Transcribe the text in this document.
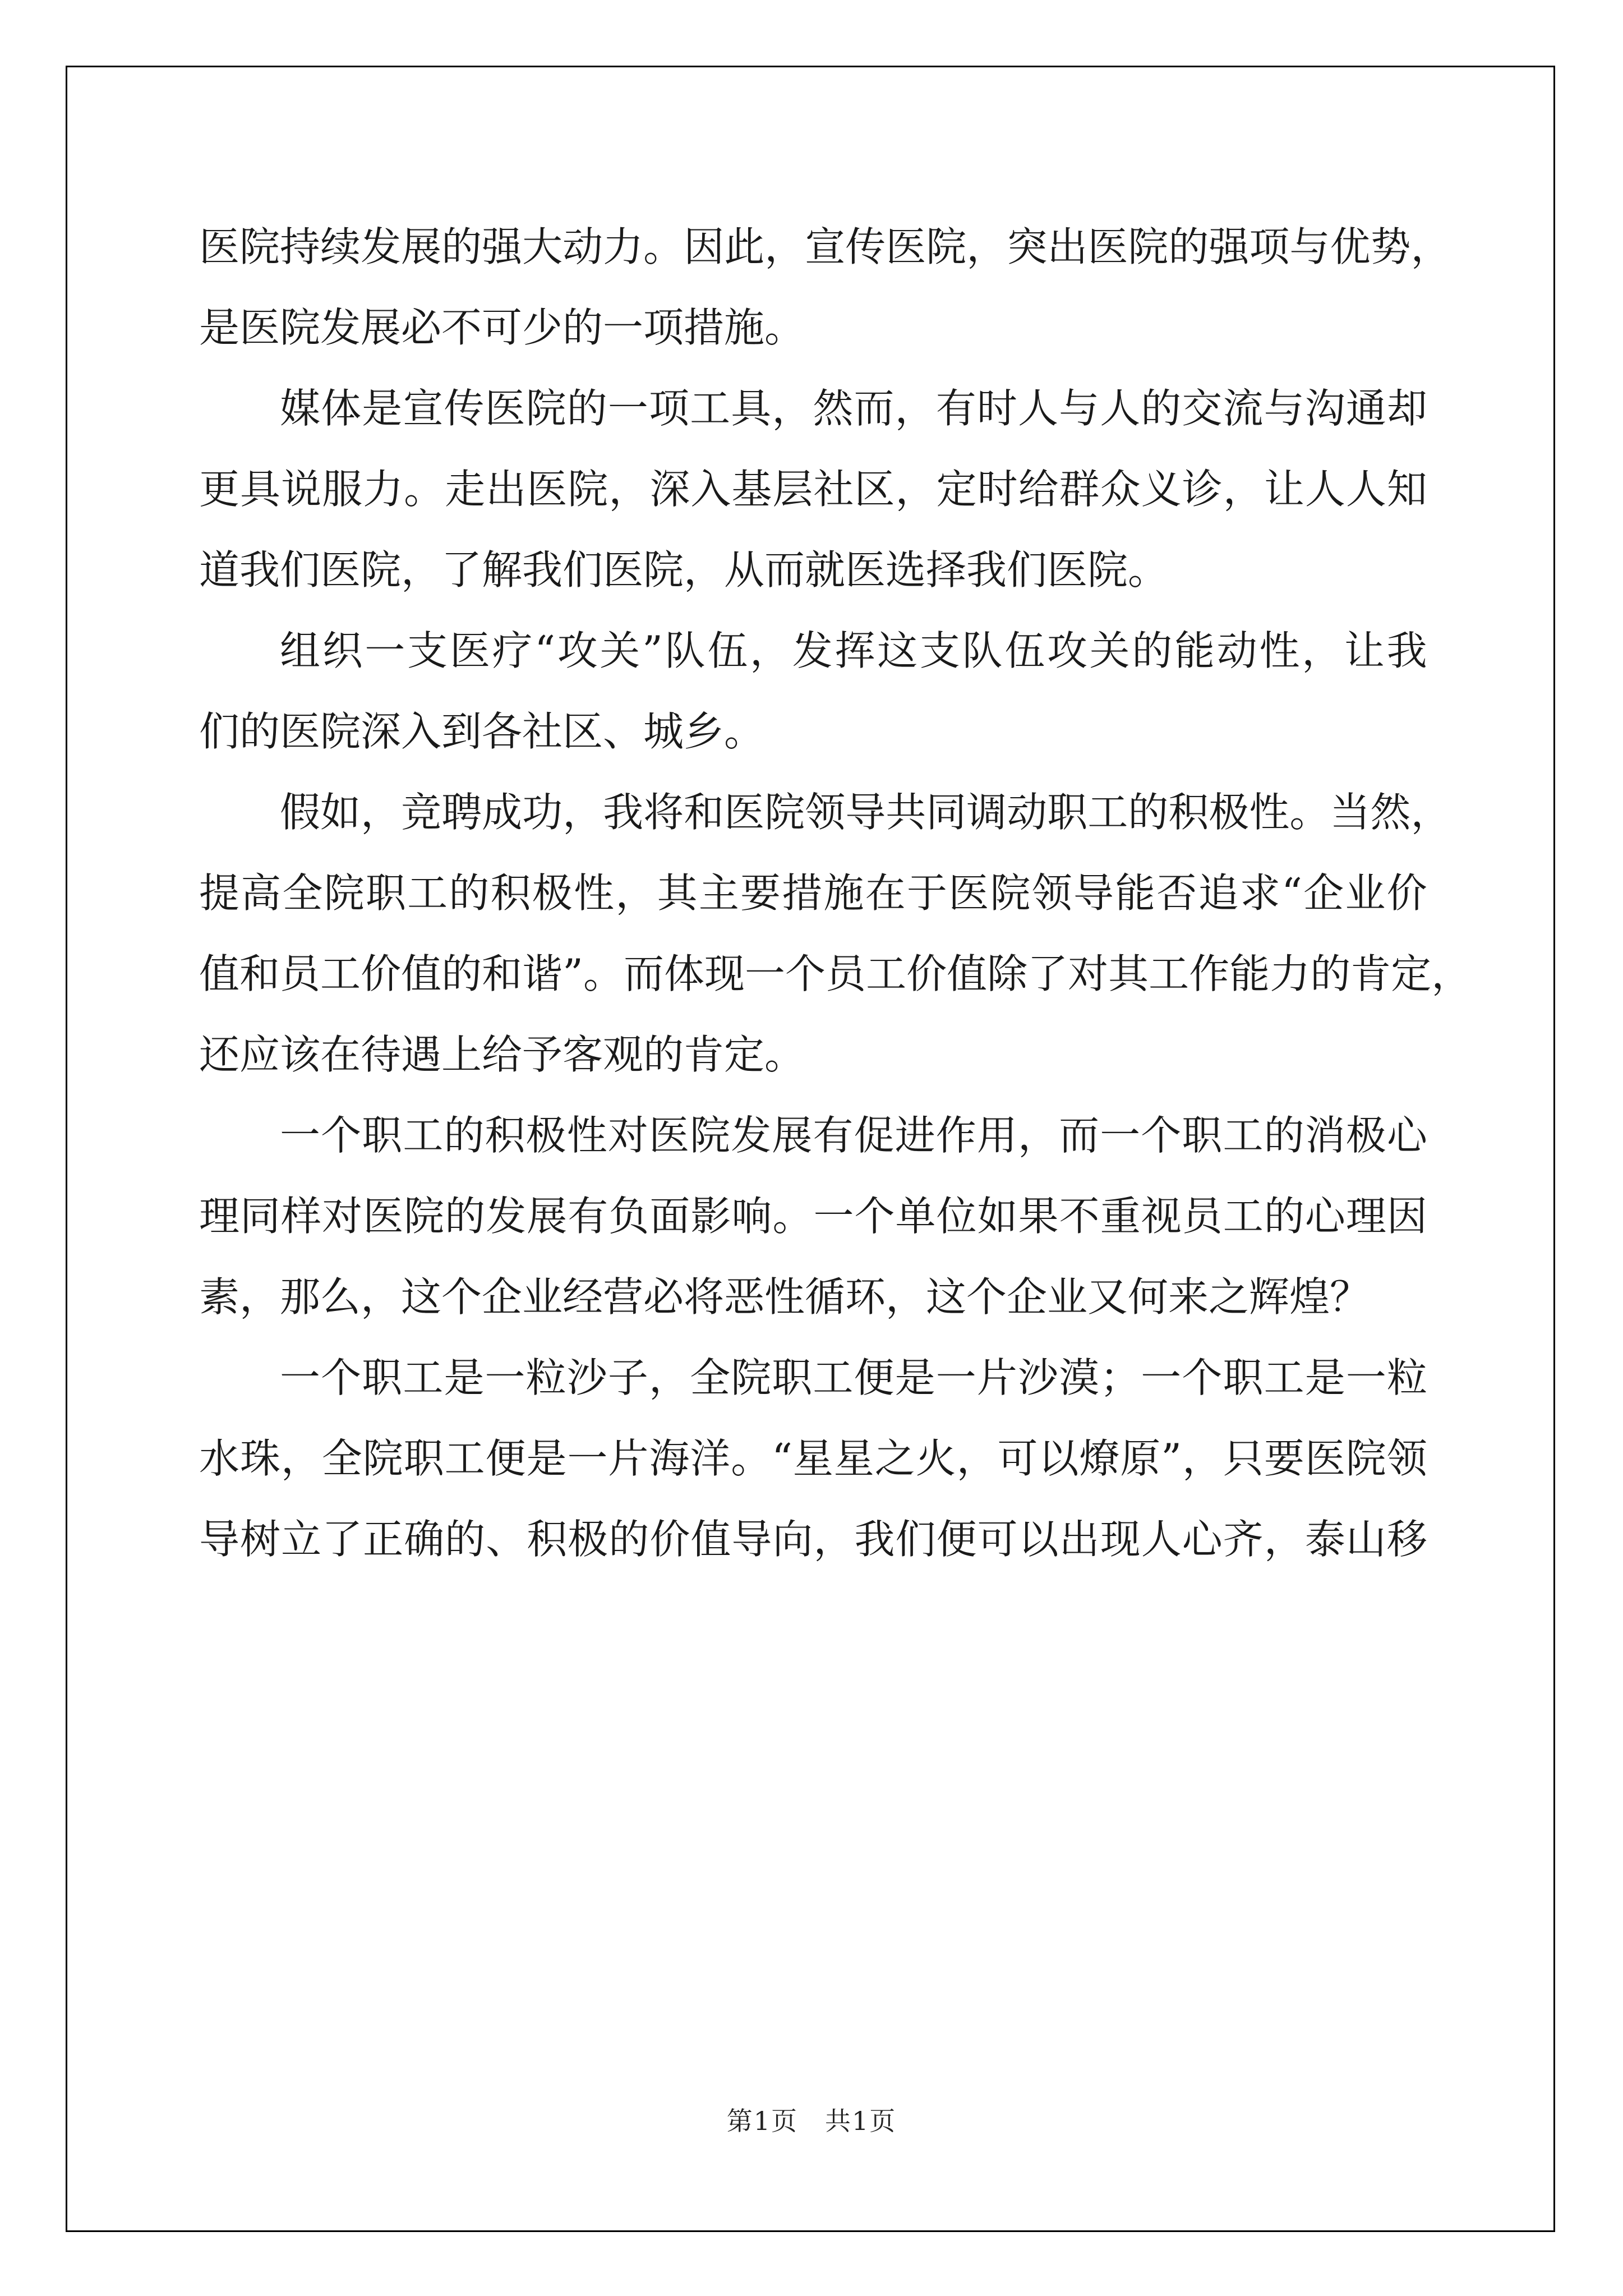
医 院 持 续 发 展 的 强 大 动 力 。 因 此 ， 宣 传 医 院 ， 突 出 医 院 的 强 项 与 优 势 ，
是医院发展必不可少的一项措施。
媒 体 是 宣 传 医 院 的 一 项 工 具 ， 然 而 ， 有 时 人 与 人 的 交 流 与 沟 通 却
更 具 说 服 力 。 走 出 医 院 ， 深 入 基 层 社 区 ， 定 时 给 群 众 义 诊 ， 让 人 人 知
道我们医院，了解我们医院，从而就医选择我们医院。
组 织 一 支 医 疗 “ 攻 关 ” 队 伍 ， 发 挥 这 支 队 伍 攻 关 的 能 动 性 ， 让 我
们的医院深入到各社区、城乡。
假 如 ， 竞 聘 成 功 ， 我 将 和 医 院 领 导 共 同 调 动 职 工 的 积 极 性 。 当 然 ，
提 高 全 院 职 工 的 积 极 性 ， 其 主 要 措 施 在 于 医 院 领 导 能 否 追 求 “ 企 业 价
值 和 员 工 价 值 的 和 谐 ” 。 而 体 现 一 个 员 工 价 值 除 了 对 其 工 作 能 力 的 肯 定 ，
还应该在待遇上给予客观的肯定。
一 个 职 工 的 积 极 性 对 医 院 发 展 有 促 进 作 用 ， 而 一 个 职 工 的 消 极 心
理 同 样 对 医 院 的 发 展 有 负 面 影 响 。 一 个 单 位 如 果 不 重 视 员 工 的 心 理 因
素，那么，这个企业经营必将恶性循环，这个企业又何来之辉煌？
一 个 职 工 是 一 粒 沙 子 ， 全 院 职 工 便 是 一 片 沙 漠 ； 一 个 职 工 是 一 粒
水 珠 ， 全 院 职 工 便 是 一 片 海 洋 。 “ 星 星 之 火 ， 可 以 燎 原 ” ， 只 要 医 院 领
导 树 立 了 正 确 的 、 积 极 的 价 值 导 向 ， 我 们 便 可 以 出 现 人 心 齐 ， 泰 山 移
第1页　共1页
